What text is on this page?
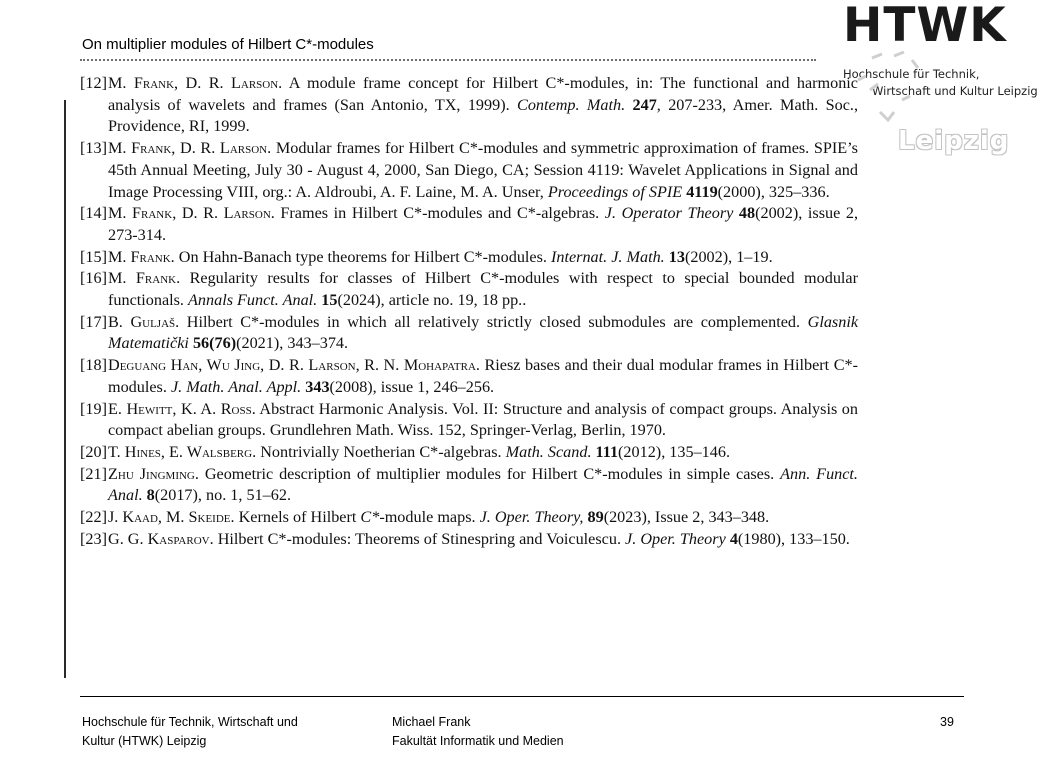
On multiplier modules of Hilbert C*-modules	HTWK
Hochschule für Technik,
Wirtschaft und Kultur Leipzig
Leipzig
[12] M. Frank, D. R. Larson. A module frame concept for Hilbert C*-modules, in: The functional and harmonic analysis of wavelets and frames (San Antonio, TX, 1999). Contemp. Math. 247, 207-233, Amer. Math. Soc., Providence, RI, 1999.
[13] M. Frank, D. R. Larson. Modular frames for Hilbert C*-modules and symmetric approximation of frames. SPIE’s 45th Annual Meeting, July 30 - August 4, 2000, San Diego, CA; Session 4119: Wavelet Applications in Signal and Image Processing VIII, org.: A. Aldroubi, A. F. Laine, M. A. Unser, Proceedings of SPIE 4119(2000), 325–336.
[14] M. Frank, D. R. Larson. Frames in Hilbert C*-modules and C*-algebras. J. Operator Theory 48(2002), issue 2, 273-314.
[15] M. Frank. On Hahn-Banach type theorems for Hilbert C*-modules. Internat. J. Math. 13(2002), 1–19.
[16] M. Frank. Regularity results for classes of Hilbert C*-modules with respect to special bounded modular functionals. Annals Funct. Anal. 15(2024), article no. 19, 18 pp..
[17] B. Guljaš. Hilbert C*-modules in which all relatively strictly closed submodules are complemented. Glasnik Matematički 56(76)(2021), 343–374.
[18] Deguang Han, Wu Jing, D. R. Larson, R. N. Mohapatra. Riesz bases and their dual modular frames in Hilbert C*-modules. J. Math. Anal. Appl. 343(2008), issue 1, 246–256.
[19] E. Hewitt, K. A. Ross. Abstract Harmonic Analysis. Vol. II: Structure and analysis of compact groups. Analysis on compact abelian groups. Grundlehren Math. Wiss. 152, Springer-Verlag, Berlin, 1970.
[20] T. Hines, E. Walsberg. Nontrivially Noetherian C*-algebras. Math. Scand. 111(2012), 135–146.
[21] Zhu Jingming. Geometric description of multiplier modules for Hilbert C*-modules in simple cases. Ann. Funct. Anal. 8(2017), no. 1, 51–62.
[22] J. Kaad, M. Skeide. Kernels of Hilbert C*-module maps. J. Oper. Theory, 89(2023), Issue 2, 343–348.
[23] G. G. Kasparov. Hilbert C*-modules: Theorems of Stinespring and Voiculescu. J. Oper. Theory 4(1980), 133–150.
Hochschule für Technik, Wirtschaft und
Kultur (HTWK) Leipzig
Michael Frank
Fakultät Informatik und Medien
39
